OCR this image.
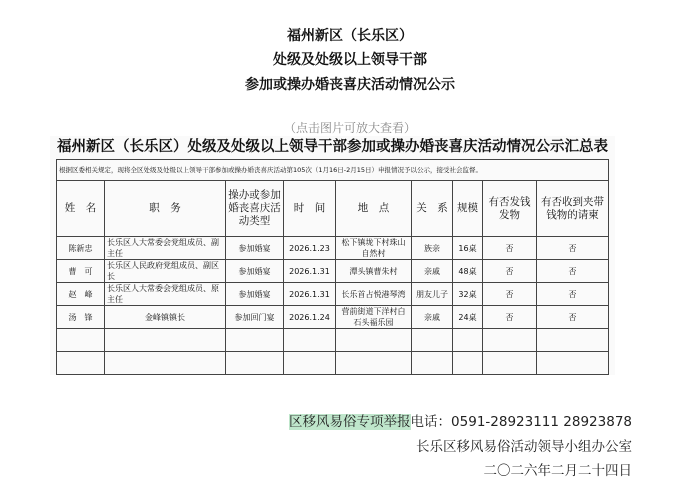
福州新区（长乐区）
处级及处级以上领导干部
参加或操办婚丧喜庆活动情况公示
（点击图片可放大查看）
福州新区（长乐区）处级及处级以上领导干部参加或操办婚丧喜庆活动情况公示汇总表
根据区委相关规定，现将全区处级及处级以上领导干部参加或操办婚丧喜庆活动第105次（1月16日-2月15日）申报情况予以公示，接受社会监督。								
姓　名	职　务	操办或参加婚丧喜庆活动类型	时　间	地　点	关　系	规模	有否发钱发物	有否收到夹带钱物的请柬
陈新忠	长乐区人大常委会党组成员、副主任	参加婚宴	2026.1.23	松下镇垅下村珠山自然村	族亲	16桌	否	否
曹　可	长乐区人民政府党组成员、副区长	参加婚宴	2026.1.31	潭头镇曹朱村	亲戚	48桌	否	否
赵　峰	长乐区人大常委会党组成员、原主任	参加婚宴	2026.1.31	长乐首占悦港琴湾	朋友儿子	32桌	否	否
汤　锋	金峰镇镇长	参加回门宴	2026.1.24	营前街道下洋村白石头福乐园	亲戚	24桌	否	否

区移风易俗专项举报电话：0591-28923111 28923878
长乐区移风易俗活动领导小组办公室
二〇二六年二月二十四日
